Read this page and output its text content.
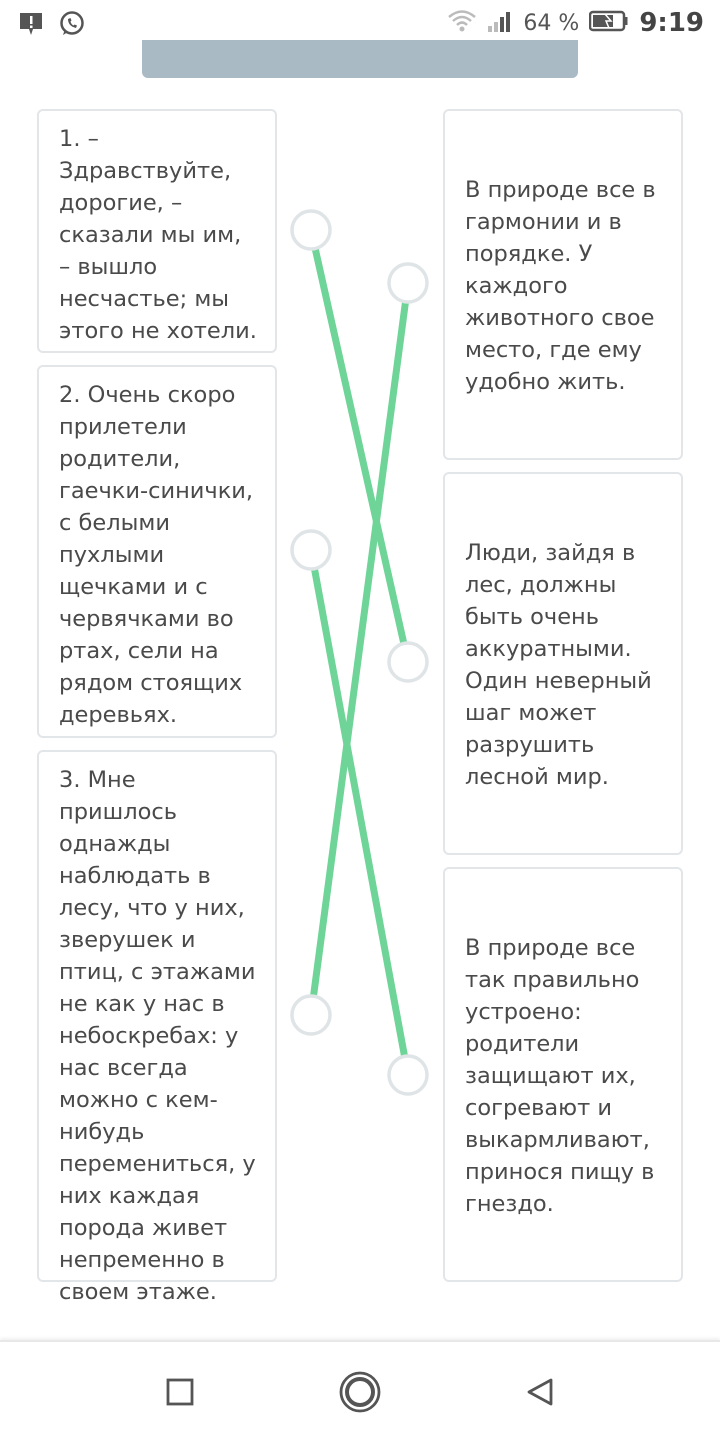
64 % 9:19
1. – Здравствуйте, дорогие, – сказали мы им, – вышло несчастье; мы этого не хотели.
2. Очень скоро прилетели родители, гаечки-синички, с белыми пухлыми щечками и с червячками во ртах, сели на рядом стоящих деревьях.
3. Мне пришлось однажды наблюдать в лесу, что у них, зверушек и птиц, с этажами не как у нас в небоскребах: у нас всегда можно с кем-нибудь перемениться, у них каждая порода живет непременно в своем этаже.
В природе все в гармонии и в порядке. У каждого животного свое место, где ему удобно жить.
Люди, зайдя в лес, должны быть очень аккуратными. Один неверный шаг может разрушить лесной мир.
В природе все так правильно устроено: родители защищают их, согревают и выкармливают, принося пищу в гнездо.
